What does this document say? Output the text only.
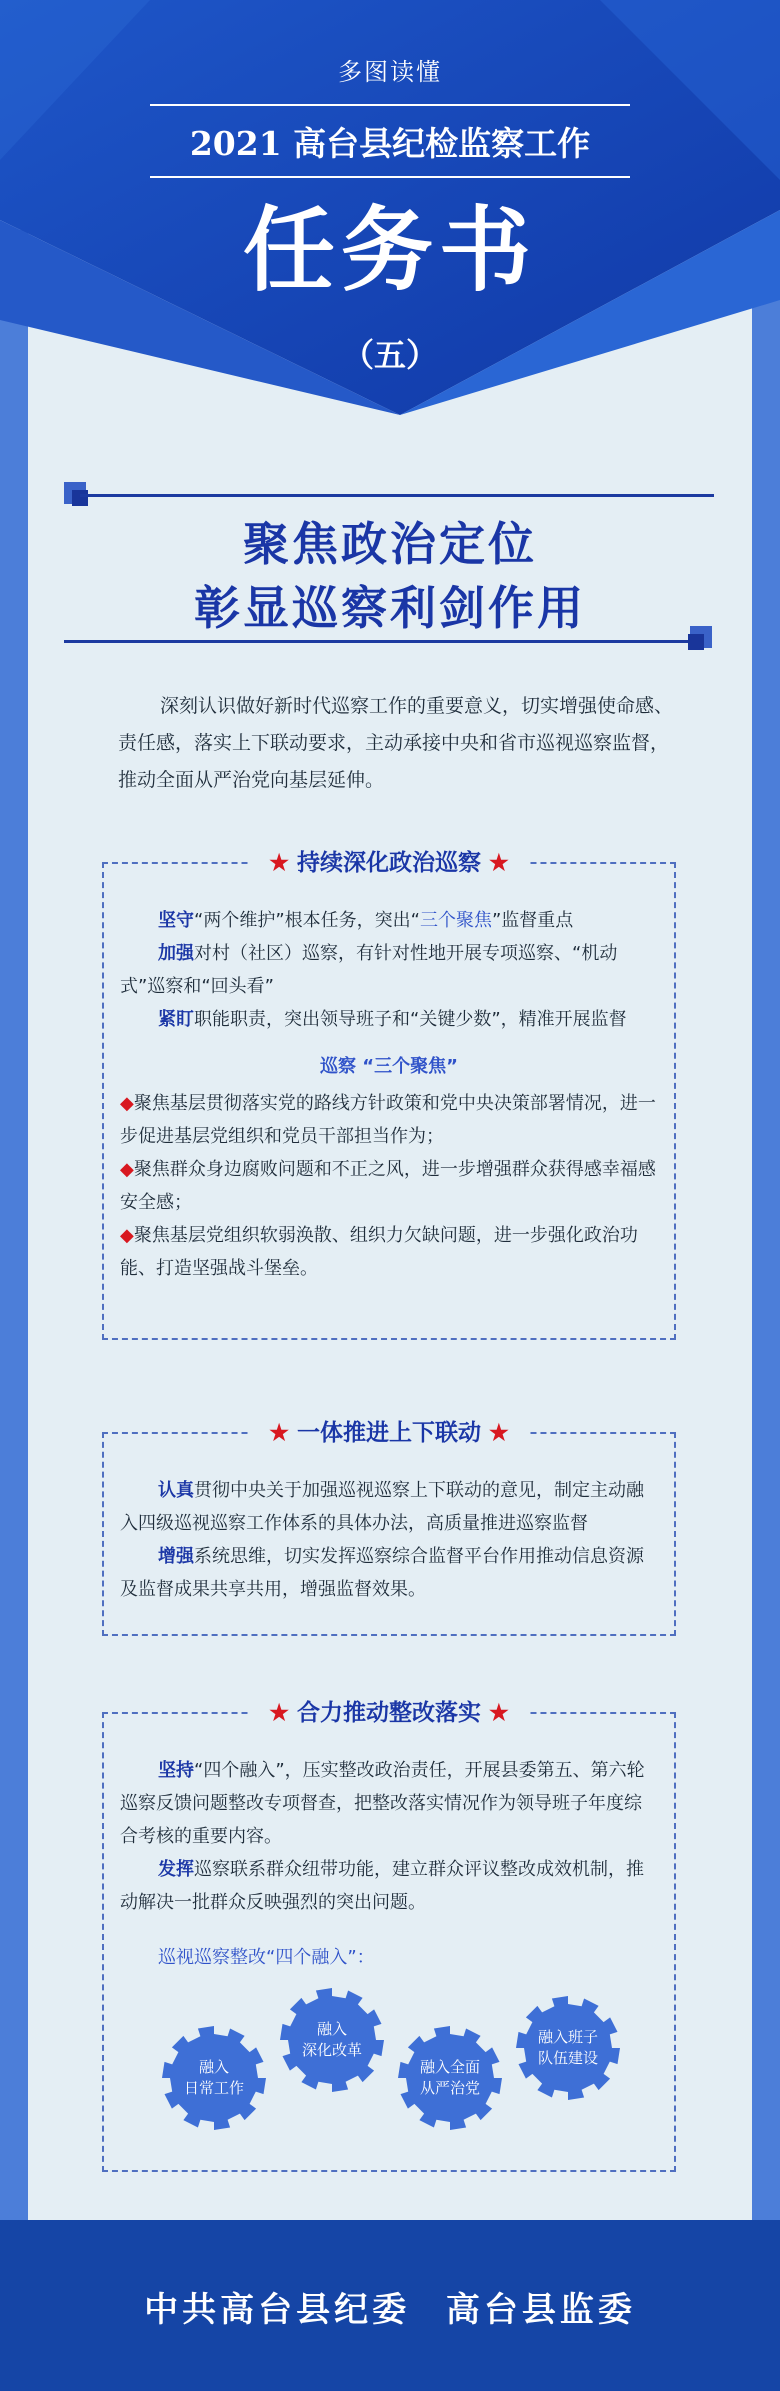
多图读懂
2021 高台县纪检监察工作
任务书
（五）
聚焦政治定位
彰显巡察利剑作用
深刻认识做好新时代巡察工作的重要意义，切实增强使命感、责任感，落实上下联动要求，主动承接中央和省市巡视巡察监督，推动全面从严治党向基层延伸。
★ 持续深化政治巡察 ★

坚守“两个维护”根本任务，突出“三个聚焦”监督重点

加强对村（社区）巡察，有针对性地开展专项巡察、“机动式”巡察和“回头看”

紧盯职能职责，突出领导班子和“关键少数”，精准开展监督

巡察 “三个聚焦”

◆聚焦基层贯彻落实党的路线方针政策和党中央决策部署情况，进一步促进基层党组织和党员干部担当作为；

◆聚焦群众身边腐败问题和不正之风，进一步增强群众获得感幸福感安全感；

◆聚焦基层党组织软弱涣散、组织力欠缺问题，进一步强化政治功能、打造坚强战斗堡垒。

★ 一体推进上下联动 ★

认真贯彻中央关于加强巡视巡察上下联动的意见，制定主动融入四级巡视巡察工作体系的具体办法，高质量推进巡察监督

增强系统思维，切实发挥巡察综合监督平台作用推动信息资源及监督成果共享共用，增强监督效果。

★ 合力推动整改落实 ★

坚持“四个融入”，压实整改政治责任，开展县委第五、第六轮巡察反馈问题整改专项督查，把整改落实情况作为领导班子年度综合考核的重要内容。

发挥巡察联系群众纽带功能，建立群众评议整改成效机制，推动解决一批群众反映强烈的突出问题。

巡视巡察整改“四个融入”：
融入
日常工作
融入
深化改革
融入全面
从严治党
融入班子
队伍建设
中共高台县纪委 高台县监委
